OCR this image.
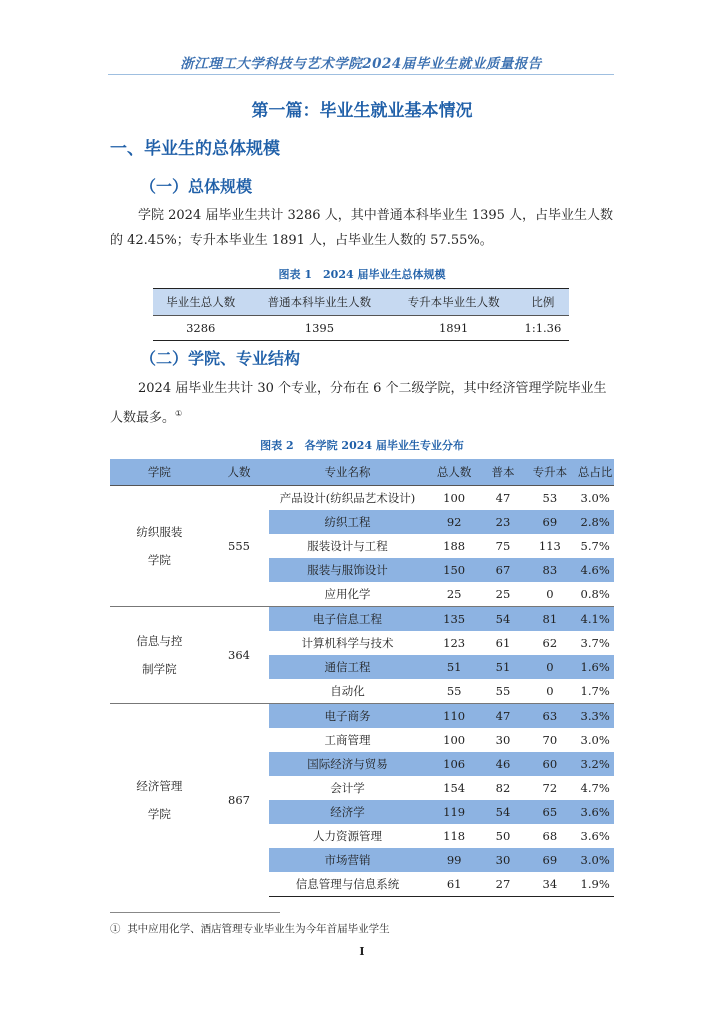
浙江理工大学科技与艺术学院2024届毕业生就业质量报告
第一篇：毕业生就业基本情况
一、毕业生的总体规模
（一）总体规模
学院 2024 届毕业生共计 3286 人，其中普通本科毕业生 1395 人，占毕业生人数的 42.45%；专升本毕业生 1891 人，占毕业生人数的 57.55%。
图表 1　2024 届毕业生总体规模
毕业生总人数	普通本科毕业生人数	专升本毕业生人数	比例
3286	1395	1891	1:1.36
（二）学院、专业结构
2024 届毕业生共计 30 个专业，分布在 6 个二级学院，其中经济管理学院毕业生人数最多。①
图表 2　各学院 2024 届毕业生专业分布
学院	人数	专业名称	总人数	普本	专升本	总占比

纺织服装
学院	555	产品设计(纺织品艺术设计)	100	47	53	3.0%
		纺织工程	92	23	69	2.8%
		服装设计与工程	188	75	113	5.7%
		服装与服饰设计	150	67	83	4.6%
		应用化学	25	25	0	0.8%

信息与控
制学院	364	电子信息工程	135	54	81	4.1%
		计算机科学与技术	123	61	62	3.7%
		通信工程	51	51	0	1.6%
		自动化	55	55	0	1.7%

经济管理
学院	867	电子商务	110	47	63	3.3%
		工商管理	100	30	70	3.0%
		国际经济与贸易	106	46	60	3.2%
		会计学	154	82	72	4.7%
		经济学	119	54	65	3.6%
		人力资源管理	118	50	68	3.6%
		市场营销	99	30	69	3.0%
		信息管理与信息系统	61	27	34	1.9%
① 其中应用化学、酒店管理专业毕业生为今年首届毕业学生
I
